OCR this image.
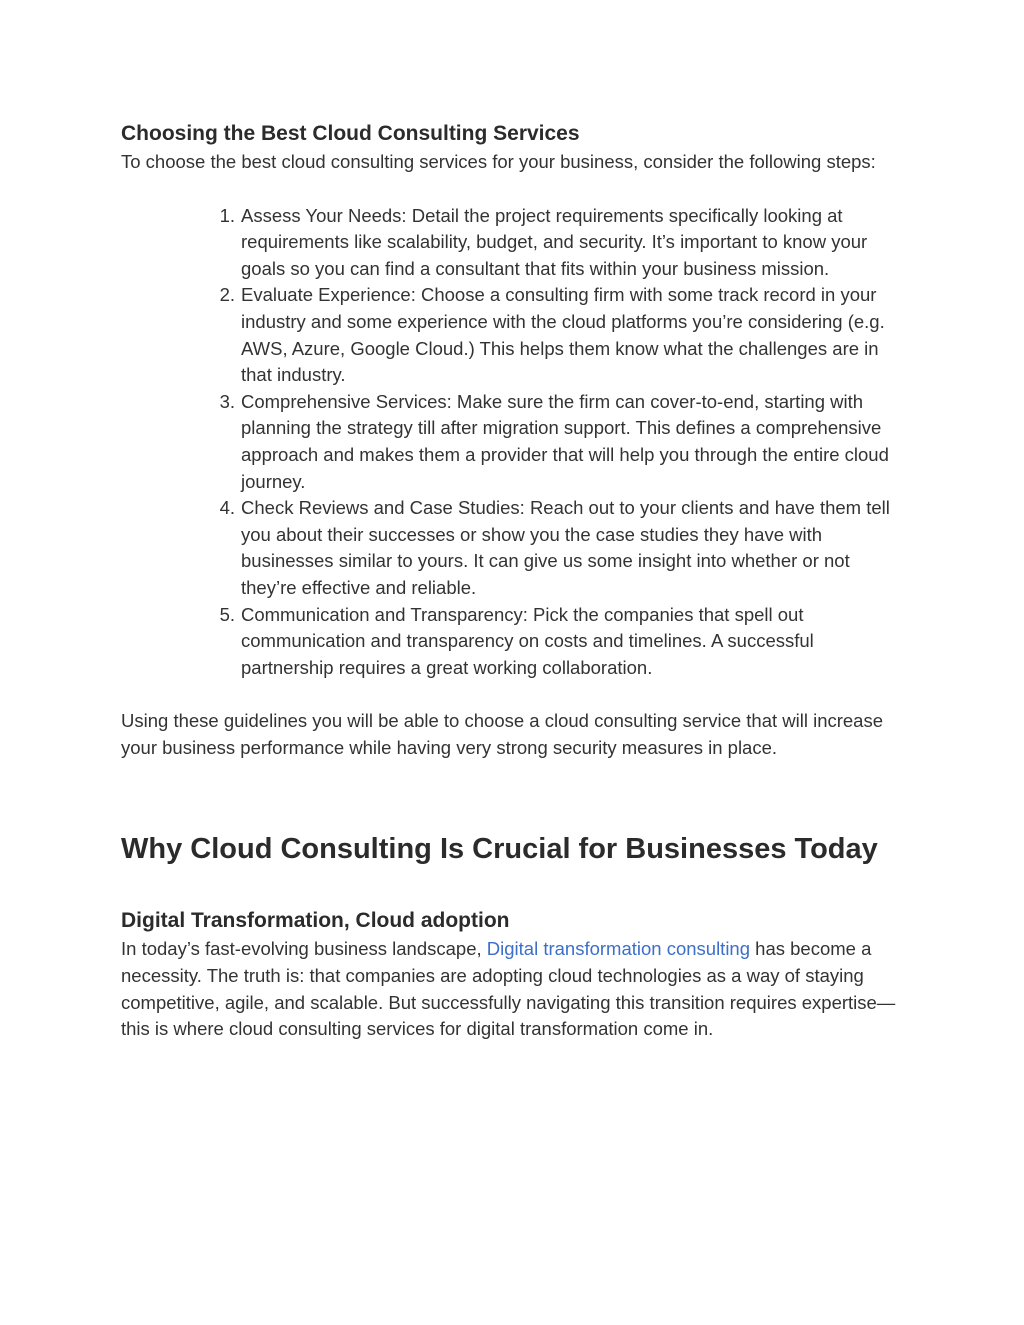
Choosing the Best Cloud Consulting Services

To choose the best cloud consulting services for your business, consider the following steps:

1. Assess Your Needs: Detail the project requirements specifically looking at requirements like scalability, budget, and security. It’s important to know your goals so you can find a consultant that fits within your business mission.
2. Evaluate Experience: Choose a consulting firm with some track record in your industry and some experience with the cloud platforms you’re considering (e.g. AWS, Azure, Google Cloud.) This helps them know what the challenges are in that industry.
3. Comprehensive Services: Make sure the firm can cover-to-end, starting with planning the strategy till after migration support. This defines a comprehensive approach and makes them a provider that will help you through the entire cloud journey.
4. Check Reviews and Case Studies: Reach out to your clients and have them tell you about their successes or show you the case studies they have with businesses similar to yours. It can give us some insight into whether or not they’re effective and reliable.
5. Communication and Transparency: Pick the companies that spell out communication and transparency on costs and timelines. A successful partnership requires a great working collaboration.

Using these guidelines you will be able to choose a cloud consulting service that will increase your business performance while having very strong security measures in place.

Why Cloud Consulting Is Crucial for Businesses Today
Digital Transformation, Cloud adoption

In today’s fast-evolving business landscape, Digital transformation consulting has become a necessity. The truth is: that companies are adopting cloud technologies as a way of staying competitive, agile, and scalable. But successfully navigating this transition requires expertise—this is where cloud consulting services for digital transformation come in.
